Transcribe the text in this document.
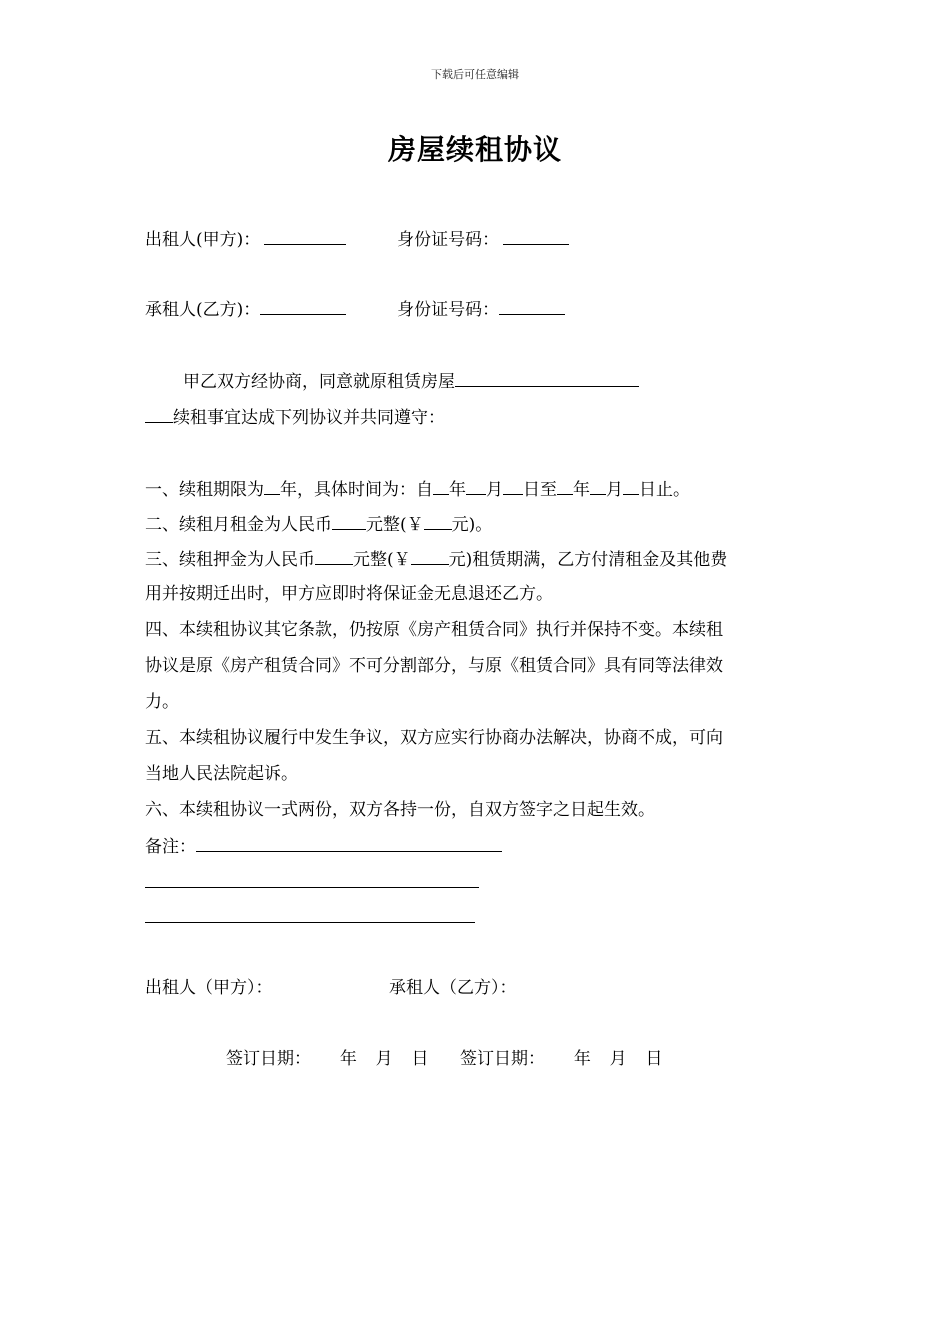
下载后可任意编辑
房屋续租协议
出租人(甲方)：	身份证号码：
承租人(乙方)：	身份证号码：
甲乙双方经协商，同意就原租赁房屋
续租事宜达成下列协议并共同遵守：
一、续租期限为 年，具体时间为：自 年 月 日至 年 月 日止。
二、续租月租金为人民币 元整(￥ 元)。
三、续租押金为人民币 元整(￥ 元)租赁期满，乙方付清租金及其他费
用并按期迁出时，甲方应即时将保证金无息退还乙方。
四、本续租协议其它条款，仍按原《房产租赁合同》执行并保持不变。本续租
协议是原《房产租赁合同》不可分割部分，与原《租赁合同》具有同等法律效
力。
五、本续租协议履行中发生争议，双方应实行协商办法解决，协商不成，可向
当地人民法院起诉。
六、本续租协议一式两份，双方各持一份，自双方签字之日起生效。
备注：
出租人（甲方）：	承租人（乙方）：
签订日期： 年 月 日 签订日期： 年 月 日
